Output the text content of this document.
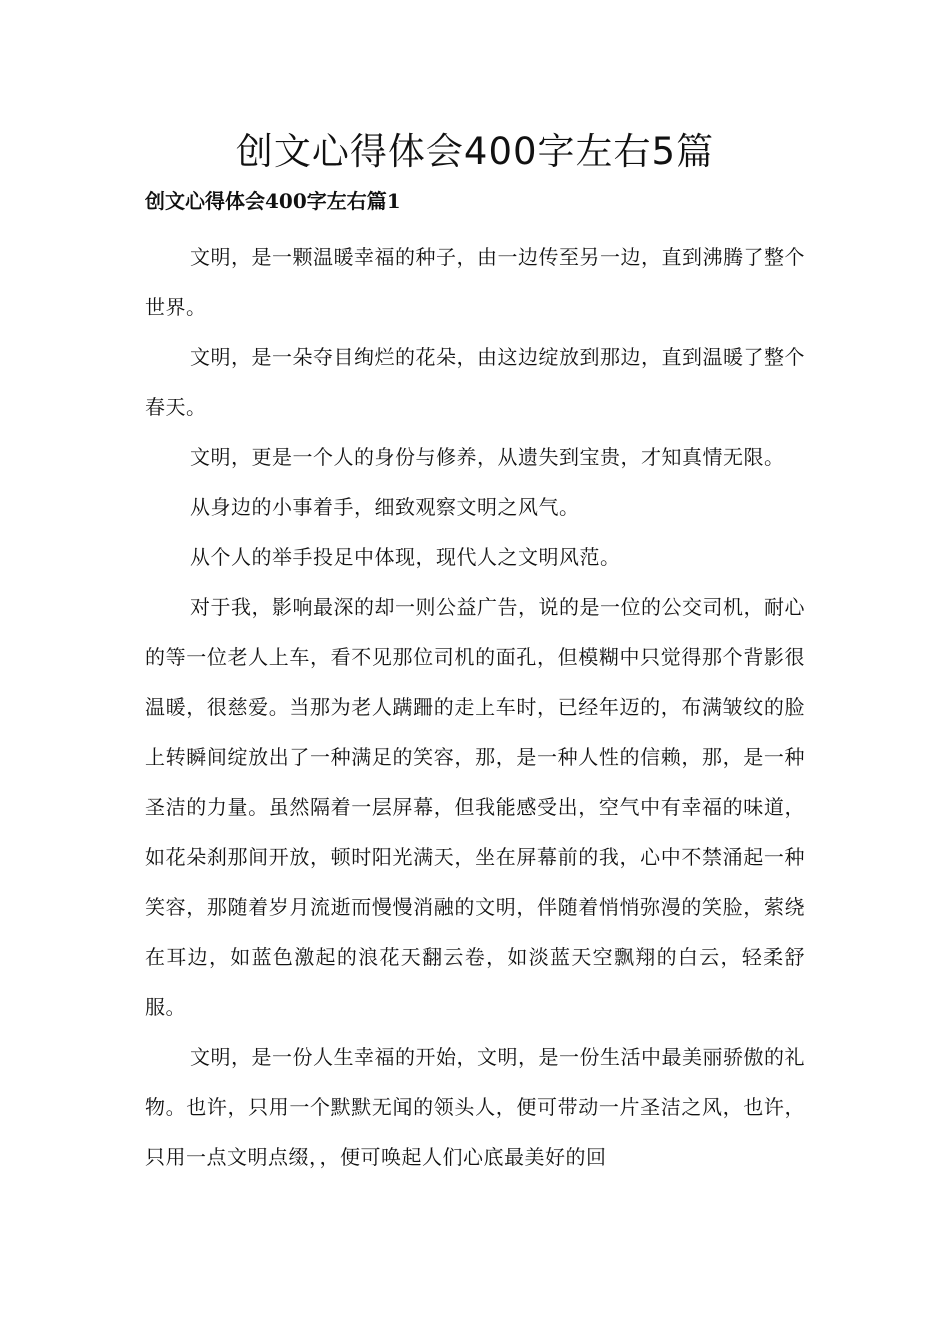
创文心得体会400字左右5篇
创文心得体会400字左右篇1

文明，是一颗温暖幸福的种子，由一边传至另一边，直到沸腾了整个世界。

文明，是一朵夺目绚烂的花朵，由这边绽放到那边，直到温暖了整个春天。

文明，更是一个人的身份与修养，从遗失到宝贵，才知真情无限。

从身边的小事着手，细致观察文明之风气。

从个人的举手投足中体现，现代人之文明风范。

对于我，影响最深的却一则公益广告，说的是一位的公交司机，耐心的等一位老人上车，看不见那位司机的面孔，但模糊中只觉得那个背影很温暖，很慈爱。当那为老人蹒跚的走上车时，已经年迈的，布满皱纹的脸上转瞬间绽放出了一种满足的笑容，那，是一种人性的信赖，那，是一种圣洁的力量。虽然隔着一层屏幕，但我能感受出，空气中有幸福的味道，如花朵刹那间开放，顿时阳光满天，坐在屏幕前的我，心中不禁涌起一种笑容，那随着岁月流逝而慢慢消融的文明，伴随着悄悄弥漫的笑脸，萦绕在耳边，如蓝色激起的浪花天翻云卷，如淡蓝天空飘翔的白云，轻柔舒服。

文明，是一份人生幸福的开始，文明，是一份生活中最美丽骄傲的礼物。也许，只用一个默默无闻的领头人，便可带动一片圣洁之风，也许，只用一点文明点缀，，便可唤起人们心底最美好的回
